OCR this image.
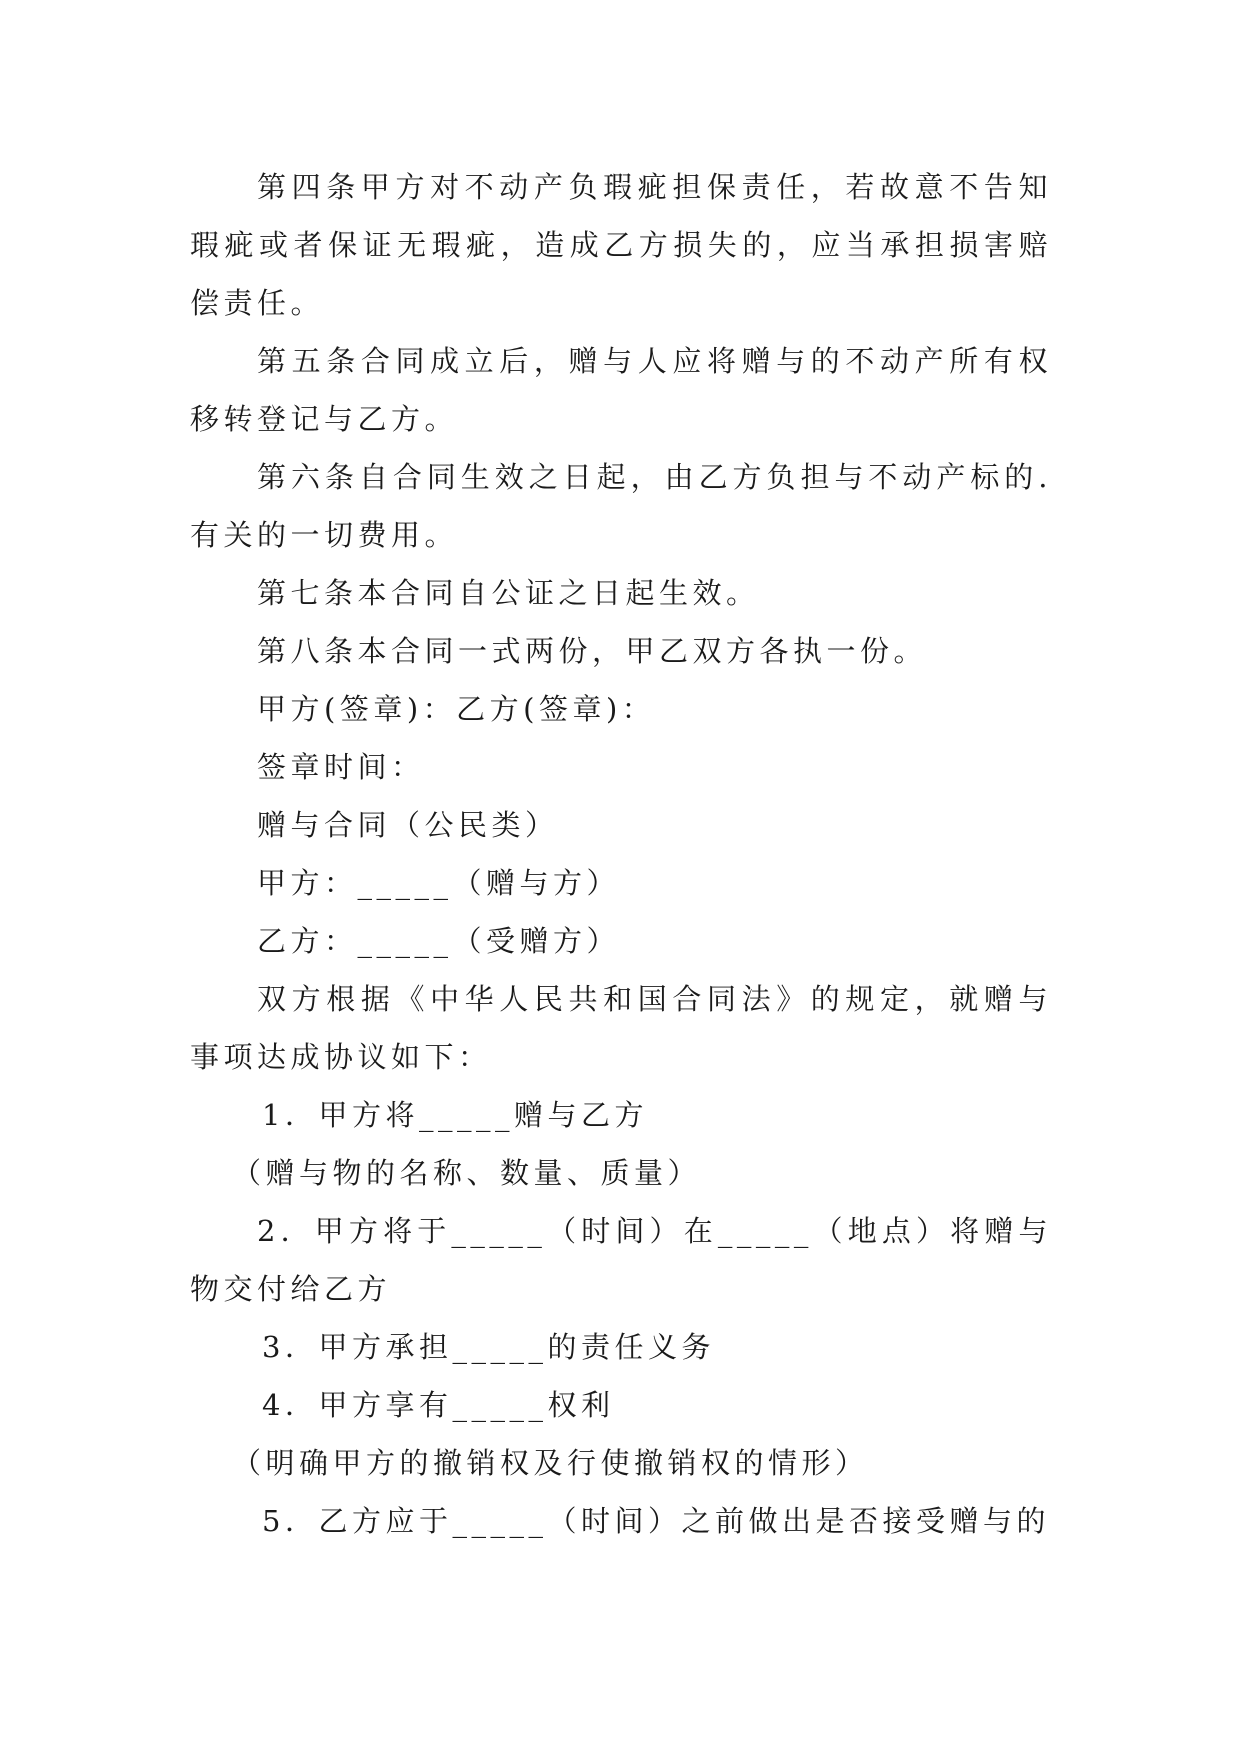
第四条甲方对不动产负瑕疵担保责任，若故意不告知瑕疵或者保证无瑕疵，造成乙方损失的，应当承担损害赔偿责任。

第五条合同成立后，赠与人应将赠与的不动产所有权移转登记与乙方。

第六条自合同生效之日起，由乙方负担与不动产标的.有关的一切费用。

第七条本合同自公证之日起生效。

第八条本合同一式两份，甲乙双方各执一份。

甲方(签章)：乙方(签章)：

签章时间：

赠与合同（公民类）

甲方：_____（赠与方）

乙方：_____（受赠方）

双方根据《中华人民共和国合同法》的规定，就赠与事项达成协议如下：

1．甲方将_____赠与乙方

（赠与物的名称、数量、质量）

2．甲方将于_____（时间）在_____（地点）将赠与物交付给乙方

3．甲方承担_____的责任义务

4．甲方享有_____权利

（明确甲方的撤销权及行使撤销权的情形）

5．乙方应于_____（时间）之前做出是否接受赠与的
